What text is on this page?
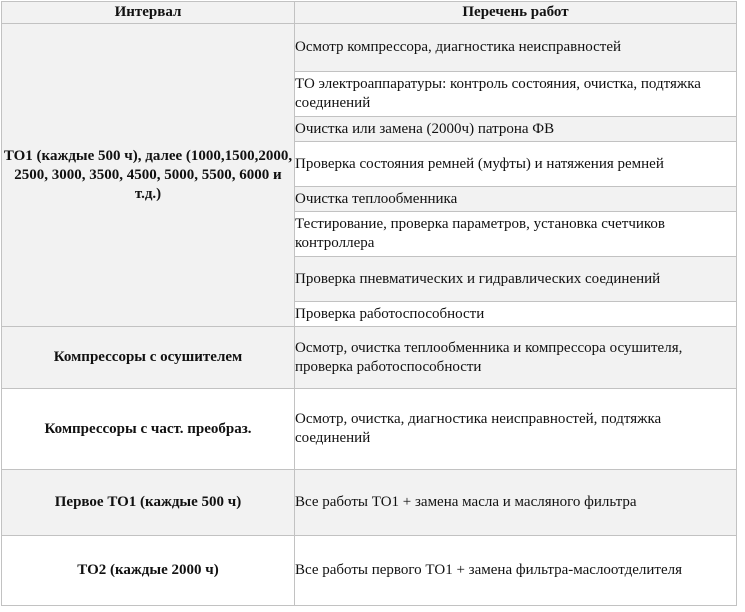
Интервал	Перечень работ
ТО1 (каждые 500 ч), далее (1000,1500,2000, 2500, 3000, 3500, 4500, 5000, 5500, 6000 и т.д.)	Осмотр компрессора, диагностика неисправностей
	ТО электроаппаратуры: контроль состояния, очистка, подтяжка соединений
	Очистка или замена (2000ч) патрона ФВ
	Проверка состояния ремней (муфты) и натяжения ремней
	Очистка теплообменника
	Тестирование, проверка параметров, установка счетчиков контроллера
	Проверка пневматических и гидравлических соединений
	Проверка работоспособности
Компрессоры с осушителем	Осмотр, очистка теплообменника и компрессора осушителя, проверка работоспособности
Компрессоры с част. преобраз.	Осмотр, очистка, диагностика неисправностей, подтяжка соединений
Первое ТО1 (каждые 500 ч)	Все работы ТО1 + замена масла и масляного фильтра
ТО2 (каждые 2000 ч)	Все работы первого ТО1 + замена фильтра-маслоотделителя
